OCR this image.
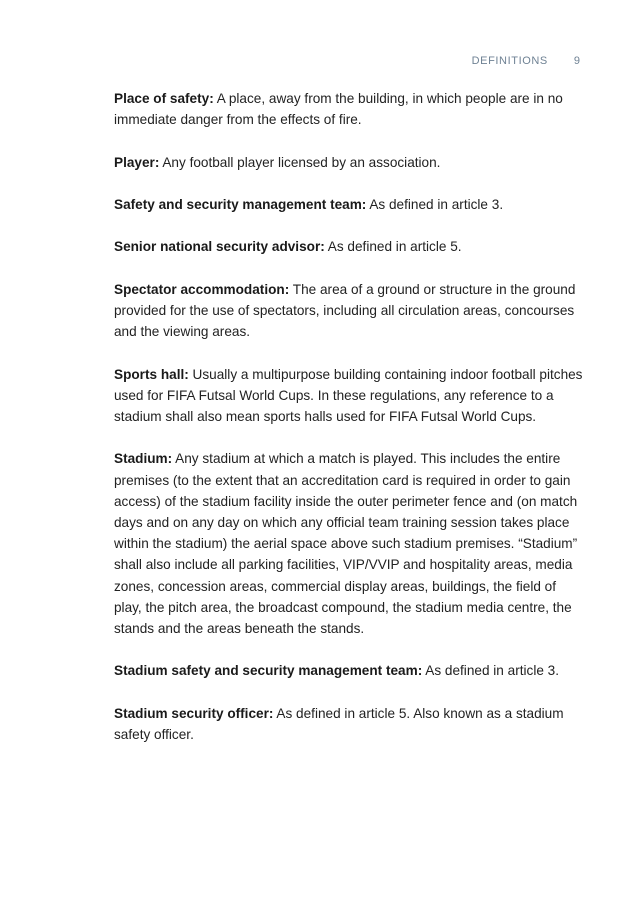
DEFINITIONS 9

Place of safety: A place, away from the building, in which people are in no immediate danger from the effects of fire.

Player: Any football player licensed by an association.

Safety and security management team: As defined in article 3.

Senior national security advisor: As defined in article 5.

Spectator accommodation: The area of a ground or structure in the ground provided for the use of spectators, including all circulation areas, concourses and the viewing areas.

Sports hall: Usually a multipurpose building containing indoor football pitches used for FIFA Futsal World Cups. In these regulations, any reference to a stadium shall also mean sports halls used for FIFA Futsal World Cups.

Stadium: Any stadium at which a match is played. This includes the entire premises (to the extent that an accreditation card is required in order to gain access) of the stadium facility inside the outer perimeter fence and (on match days and on any day on which any official team training session takes place within the stadium) the aerial space above such stadium premises. “Stadium” shall also include all parking facilities, VIP/VVIP and hospitality areas, media zones, concession areas, commercial display areas, buildings, the field of play, the pitch area, the broadcast compound, the stadium media centre, the stands and the areas beneath the stands.

Stadium safety and security management team: As defined in article 3.

Stadium security officer: As defined in article 5. Also known as a stadium safety officer.
